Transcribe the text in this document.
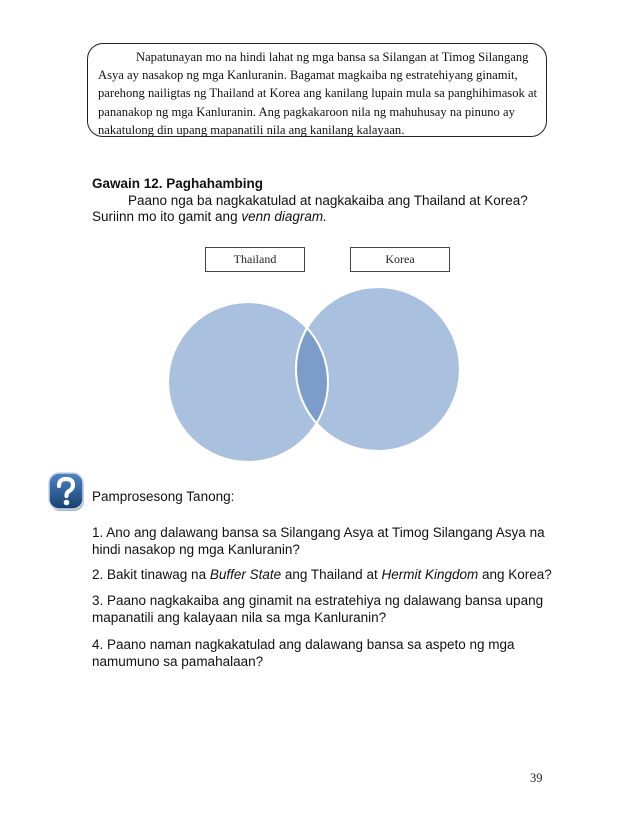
Napatunayan mo na hindi lahat ng mga bansa sa Silangan at Timog Silangang
Asya ay nasakop ng mga Kanluranin. Bagamat magkaiba ng estratehiyang ginamit,
parehong nailigtas ng Thailand at Korea ang kanilang lupain mula sa panghihimasok at
pananakop ng mga Kanluranin. Ang pagkakaroon nila ng mahuhusay na pinuno ay
nakatulong din upang mapanatili nila ang kanilang kalayaan.
Gawain 12. Paghahambing
Paano nga ba nagkakatulad at nagkakaiba ang Thailand at Korea?
Suriinn mo ito gamit ang venn diagram.
Thailand	Korea
Pamprosesong Tanong:
1. Ano ang dalawang bansa sa Silangang Asya at Timog Silangang Asya na
hindi nasakop ng mga Kanluranin?
2. Bakit tinawag na Buffer State ang Thailand at Hermit Kingdom ang Korea?
3. Paano nagkakaiba ang ginamit na estratehiya ng dalawang bansa upang
mapanatili ang kalayaan nila sa mga Kanluranin?
4. Paano naman nagkakatulad ang dalawang bansa sa aspeto ng mga
namumuno sa pamahalaan?
39
